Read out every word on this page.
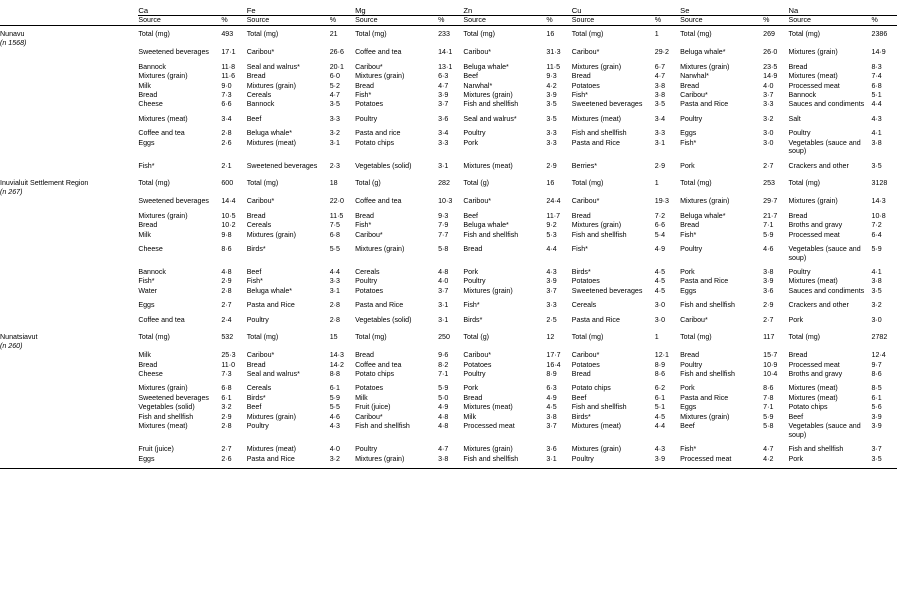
	Ca		Fe		Mg		Zn		Cu		Se		Na	
	Source	%	Source	%	Source	%	Source	%	Source	%	Source	%	Source	%

Nunavu
(n 1568)	Total (mg)	493	Total (mg)	21	Total (mg)	233	Total (mg)	16	Total (mg)	1	Total (mg)	269	Total (mg)	2386
	Sweetened beverages	17·1	Caribou*	26·6	Coffee and tea	14·1	Caribou*	31·3	Caribou*	29·2	Beluga whale*	26·0	Mixtures (grain)	14·9

	Bannock	11·8	Seal and walrus*	20·1	Caribou*	13·1	Beluga whale*	11·5	Mixtures (grain)	6·7	Mixtures (grain)	23·5	Bread	8·3
	Mixtures (grain)	11·6	Bread	6·0	Mixtures (grain)	6·3	Beef	9·3	Bread	4·7	Narwhal*	14·9	Mixtures (meat)	7·4
	Milk	9·0	Mixtures (grain)	5·2	Bread	4·7	Narwhal*	4·2	Potatoes	3·8	Bread	4·0	Processed meat	6·8
	Bread	7·3	Cereals	4·7	Fish*	3·9	Mixtures (grain)	3·9	Fish*	3·8	Caribou*	3·7	Bannock	5·1
	Cheese	6·6	Bannock	3·5	Potatoes	3·7	Fish and shellfish	3·5	Sweetened beverages	3·5	Pasta and Rice	3·3	Sauces and condiments	4·4

	Mixtures (meat)	3·4	Beef	3·3	Poultry	3·6	Seal and walrus*	3·5	Mixtures (meat)	3·4	Poultry	3·2	Salt	4·3

	Coffee and tea	2·8	Beluga whale*	3·2	Pasta and rice	3·4	Poultry	3·3	Fish and shellfish	3·3	Eggs	3·0	Poultry	4·1
	Eggs	2·6	Mixtures (meat)	3·1	Potato chips	3·3	Pork	3·3	Pasta and Rice	3·1	Fish*	3·0	Vegetables (sauce and soup)	3·8

	Fish*	2·1	Sweetened beverages	2·3	Vegetables (solid)	3·1	Mixtures (meat)	2·9	Berries*	2·9	Pork	2·7	Crackers and other	3·5

Inuvialuit Settlement Region
(n 267)	Total (mg)	600	Total (mg)	18	Total (g)	282	Total (g)	16	Total (mg)	1	Total (mg)	253	Total (mg)	3128
	Sweetened beverages	14·4	Caribou*	22·0	Coffee and tea	10·3	Caribou*	24·4	Caribou*	19·3	Mixtures (grain)	29·7	Mixtures (grain)	14·3

	Mixtures (grain)	10·5	Bread	11·5	Bread	9·3	Beef	11·7	Bread	7·2	Beluga whale*	21·7	Bread	10·8
	Bread	10·2	Cereals	7·5	Fish*	7·9	Beluga whale*	9·2	Mixtures (grain)	6·6	Bread	7·1	Broths and gravy	7·2
	Milk	9·8	Mixtures (grain)	6·8	Caribou*	7·7	Fish and shellfish	5·3	Fish and shellfish	5·4	Fish*	5·9	Processed meat	6·4

	Cheese	8·6	Birds*	5·5	Mixtures (grain)	5·8	Bread	4·4	Fish*	4·9	Poultry	4·6	Vegetables (sauce and soup)	5·9

	Bannock	4·8	Beef	4·4	Cereals	4·8	Pork	4·3	Birds*	4·5	Pork	3·8	Poultry	4·1
	Fish*	2·9	Fish*	3·3	Poultry	4·0	Poultry	3·9	Potatoes	4·5	Pasta and Rice	3·9	Mixtures (meat)	3·8
	Water	2·8	Beluga whale*	3·1	Potatoes	3·7	Mixtures (grain)	3·7	Sweetened beverages	4·5	Eggs	3·6	Sauces and condiments	3·5

	Eggs	2·7	Pasta and Rice	2·8	Pasta and Rice	3·1	Fish*	3·3	Cereals	3·0	Fish and shellfish	2·9	Crackers and other	3·2

	Coffee and tea	2·4	Poultry	2·8	Vegetables (solid)	3·1	Birds*	2·5	Pasta and Rice	3·0	Caribou*	2·7	Pork	3·0

Nunatsiavut
(n 260)	Total (mg)	532	Total (mg)	15	Total (mg)	250	Total (g)	12	Total (mg)	1	Total (mg)	117	Total (mg)	2782
	Milk	25·3	Caribou*	14·3	Bread	9·6	Caribou*	17·7	Caribou*	12·1	Bread	15·7	Bread	12·4
	Bread	11·0	Bread	14·2	Coffee and tea	8·2	Potatoes	16·4	Potatoes	8·9	Poultry	10·9	Processed meat	9·7
	Cheese	7·3	Seal and walrus*	8·8	Potato chips	7·1	Poultry	8·9	Bread	8·6	Fish and shellfish	10·4	Broths and gravy	8·6

	Mixtures (grain)	6·8	Cereals	6·1	Potatoes	5·9	Pork	6·3	Potato chips	6·2	Pork	8·6	Mixtures (meat)	8·5
	Sweetened beverages	6·1	Birds*	5·9	Milk	5·0	Bread	4·9	Beef	6·1	Pasta and Rice	7·8	Mixtures (meat)	6·1
	Vegetables (solid)	3·2	Beef	5·5	Fruit (juice)	4·9	Mixtures (meat)	4·5	Fish and shellfish	5·1	Eggs	7·1	Potato chips	5·6
	Fish and shellfish	2·9	Mixtures (grain)	4·6	Caribou*	4·8	Milk	3·8	Birds*	4·5	Mixtures (grain)	5·9	Beef	3·9
	Mixtures (meat)	2·8	Poultry	4·3	Fish and shellfish	4·8	Processed meat	3·7	Mixtures (meat)	4·4	Beef	5·8	Vegetables (sauce and soup)	3·9

	Fruit (juice)	2·7	Mixtures (meat)	4·0	Poultry	4·7	Mixtures (grain)	3·6	Mixtures (grain)	4·3	Fish*	4·7	Fish and shellfish	3·7
	Eggs	2·6	Pasta and Rice	3·2	Mixtures (grain)	3·8	Fish and shellfish	3·1	Poultry	3·9	Processed meat	4·2	Pork	3·5
